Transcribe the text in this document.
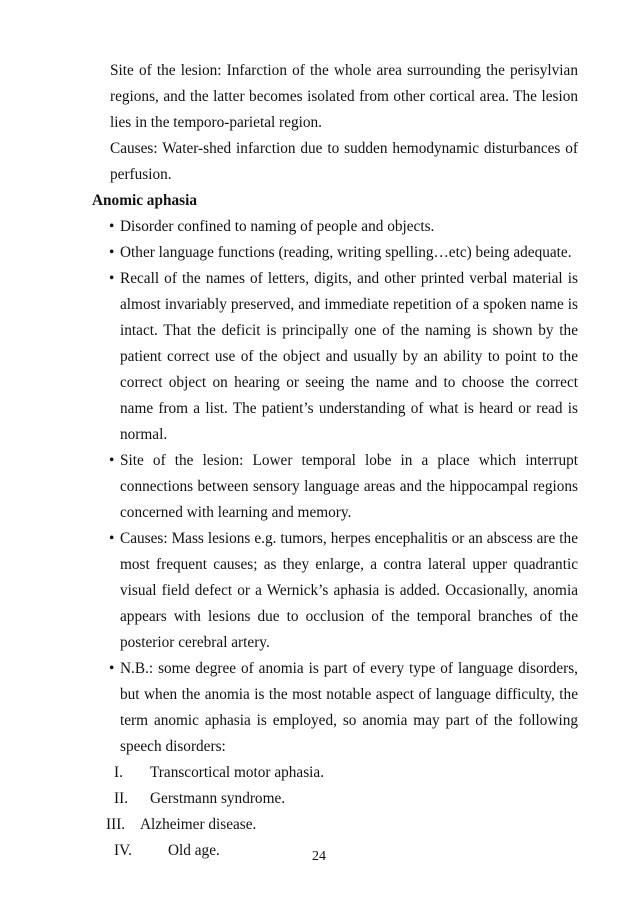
Site of the lesion: Infarction of the whole area surrounding the perisylvian regions, and the latter becomes isolated from other cortical area. The lesion lies in the temporo-parietal region.

Causes: Water-shed infarction due to sudden hemodynamic disturbances of perfusion.

Anomic aphasia

• Disorder confined to naming of people and objects.
• Other language functions (reading, writing spelling…etc) being adequate.
• Recall of the names of letters, digits, and other printed verbal material is almost invariably preserved, and immediate repetition of a spoken name is intact. That the deficit is principally one of the naming is shown by the patient correct use of the object and usually by an ability to point to the correct object on hearing or seeing the name and to choose the correct name from a list. The patient’s understanding of what is heard or read is normal.
• Site of the lesion: Lower temporal lobe in a place which interrupt connections between sensory language areas and the hippocampal regions concerned with learning and memory.
• Causes: Mass lesions e.g. tumors, herpes encephalitis or an abscess are the most frequent causes; as they enlarge, a contra lateral upper quadrantic visual field defect or a Wernick’s aphasia is added. Occasionally, anomia appears with lesions due to occlusion of the temporal branches of the posterior cerebral artery.
• N.B.: some degree of anomia is part of every type of language disorders, but when the anomia is the most notable aspect of language difficulty, the term anomic aphasia is employed, so anomia may part of the following speech disorders:
I. Transcortical motor aphasia.
II. Gerstmann syndrome.
III. Alzheimer disease.
IV. Old age.	24
